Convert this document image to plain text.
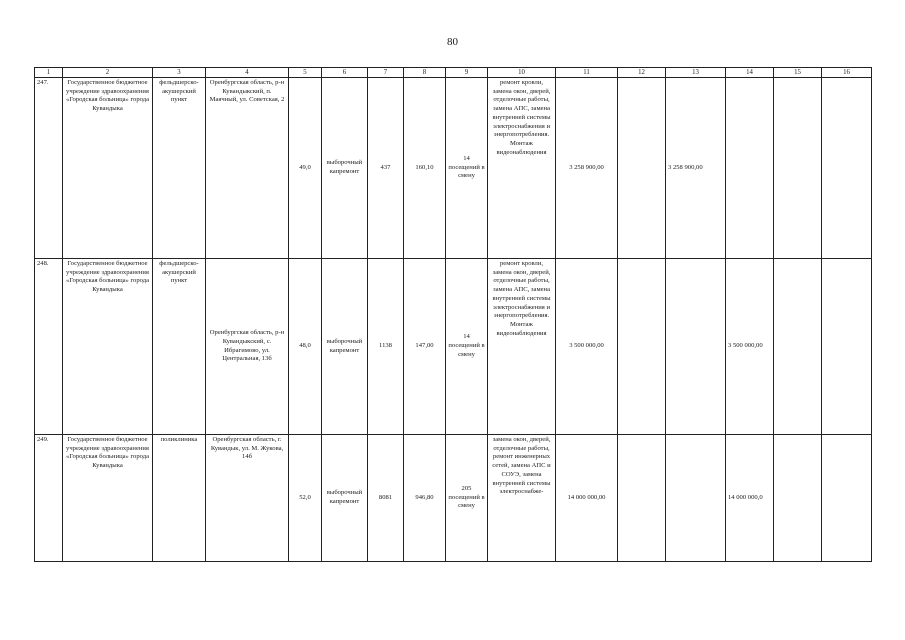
80
1	2	3	4	5	6	7	8	9	10	11	12	13	14	15	16
247.	Государственное бюджетное учреждение здравоохранения «Городская больница» города Кувандыка	фельдшерско-акушерский пункт	Оренбургская область, р-н Кувандыкский, п. Маячный, ул. Советская, 2	49,0	выборочный капремонт	437	160,10	14 посещений в смену	ремонт кровли, замена окон, дверей, отделочные работы, замена АПС, замена внутренней системы электроснабжения и энергопотребления. Монтаж видеонаблюдения	3 258 900,00		3 258 900,00			
248.	Государственное бюджетное учреждение здравоохранения «Городская больница» города Кувандыка	фельдшерско-акушерский пункт	Оренбургская область, р-н Кувандыкский, с. Ибрагимово, ул. Центральная, 13б	48,0	выборочный капремонт	1138	147,00	14 посещений в смену	ремонт кровли, замена окон, дверей, отделочные работы, замена АПС, замена внутренней системы электроснабжения и энергопотребления. Монтаж видеонаблюдения	3 500 000,00			3 500 000,00		
249.	Государственное бюджетное учреждение здравоохранения «Городская больница» города Кувандыка	поликлиника	Оренбургская область, г. Кувандык, ул. М. Жукова, 14б	52,0	выборочный капремонт	8081	946,80	205 посещений в смену	замена окон, дверей, отделочные работы, ремонт инженерных сетей, замена АПС и СОУЭ, замена внутренней системы электроснабже-	14 000 000,00			14 000 000,0		
